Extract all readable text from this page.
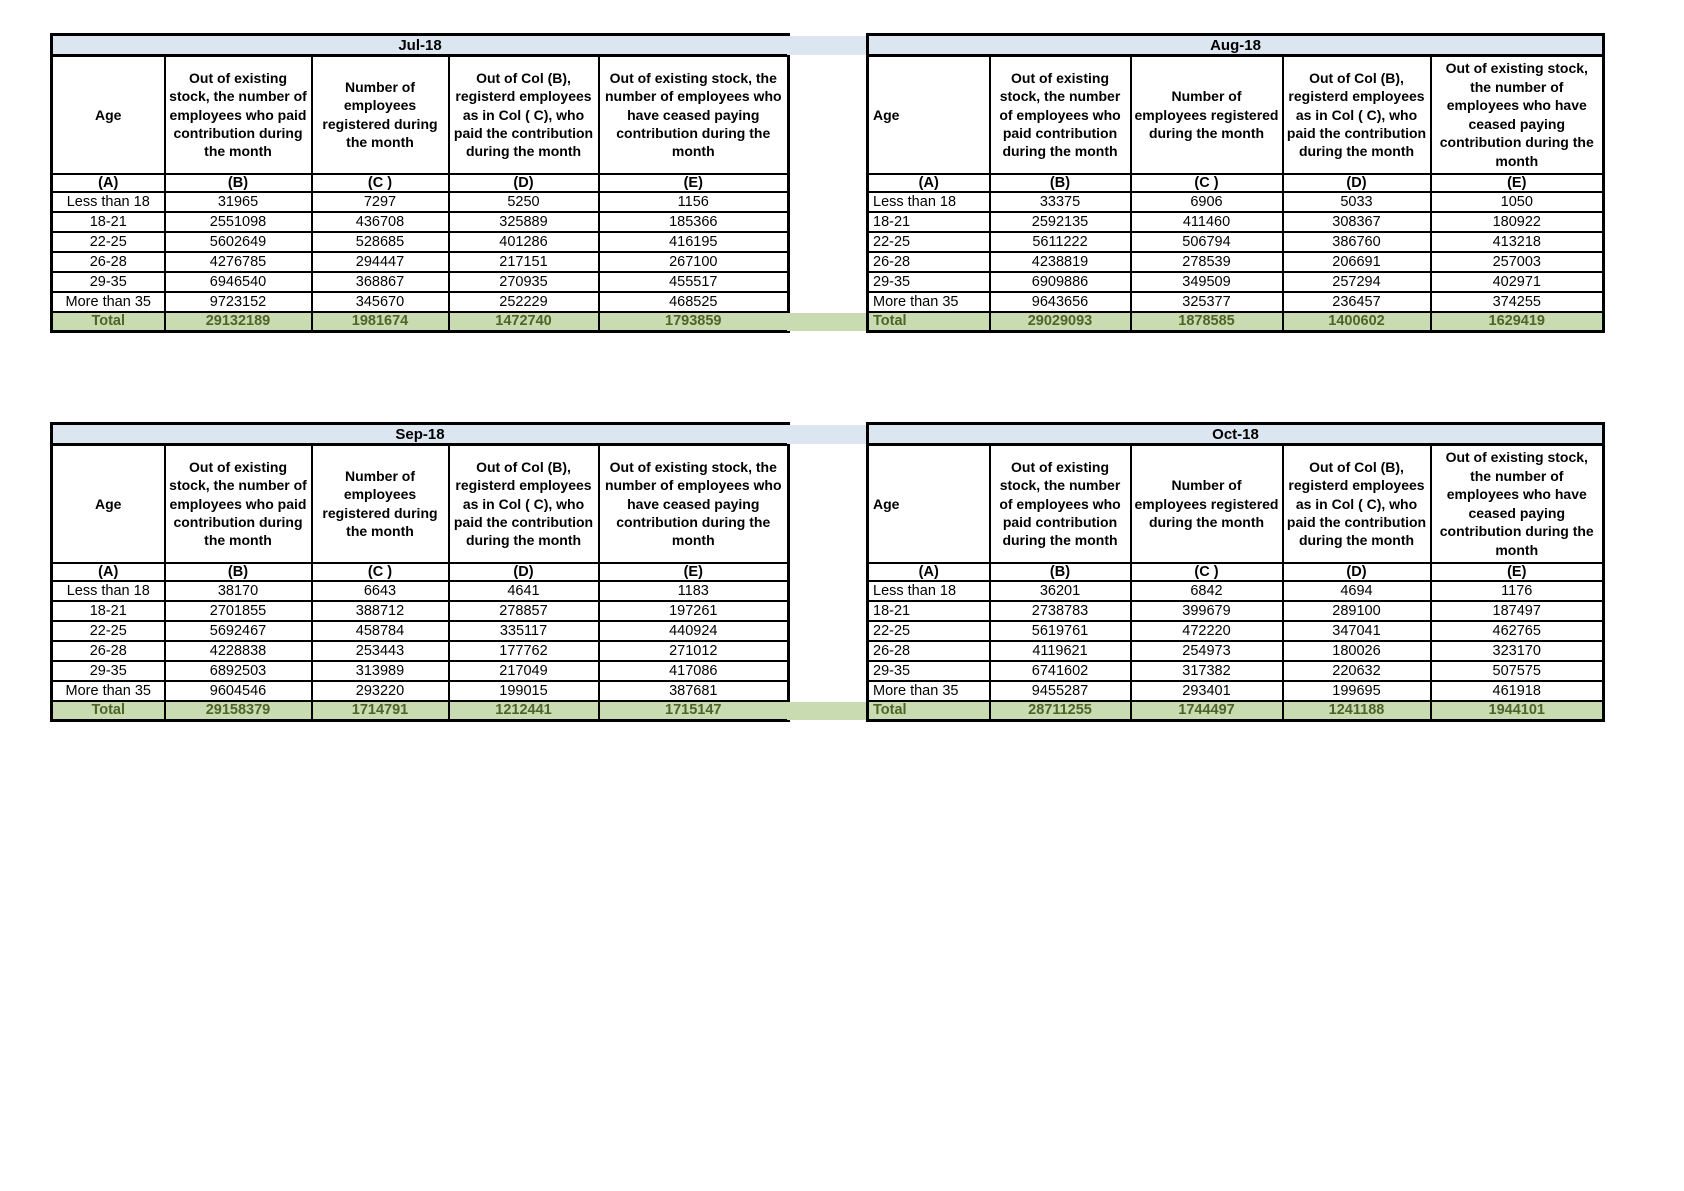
Jul-18				
Age	Out of existing stock, the number of employees who paid contribution during the month	Number of employees registered during the month	Out of Col (B), registerd employees as in Col ( C), who paid the contribution during the month	Out of existing stock, the number of employees who have ceased paying contribution during the month
(A)	(B)	(C )	(D)	(E)
Less than 18	31965	7297	5250	1156
18-21	2551098	436708	325889	185366
22-25	5602649	528685	401286	416195
26-28	4276785	294447	217151	267100
29-35	6946540	368867	270935	455517
More than 35	9723152	345670	252229	468525
Total	29132189	1981674	1472740	1793859
Aug-18				
Age	Out of existing stock, the number of employees who paid contribution during the month	Number of employees registered during the month	Out of Col (B), registerd employees as in Col ( C), who paid the contribution during the month	Out of existing stock, the number of employees who have ceased paying contribution during the month
(A)	(B)	(C )	(D)	(E)
Less than 18	33375	6906	5033	1050
18-21	2592135	411460	308367	180922
22-25	5611222	506794	386760	413218
26-28	4238819	278539	206691	257003
29-35	6909886	349509	257294	402971
More than 35	9643656	325377	236457	374255
Total	29029093	1878585	1400602	1629419
Sep-18				
Age	Out of existing stock, the number of employees who paid contribution during the month	Number of employees registered during the month	Out of Col (B), registerd employees as in Col ( C), who paid the contribution during the month	Out of existing stock, the number of employees who have ceased paying contribution during the month
(A)	(B)	(C )	(D)	(E)
Less than 18	38170	6643	4641	1183
18-21	2701855	388712	278857	197261
22-25	5692467	458784	335117	440924
26-28	4228838	253443	177762	271012
29-35	6892503	313989	217049	417086
More than 35	9604546	293220	199015	387681
Total	29158379	1714791	1212441	1715147
Oct-18				
Age	Out of existing stock, the number of employees who paid contribution during the month	Number of employees registered during the month	Out of Col (B), registerd employees as in Col ( C), who paid the contribution during the month	Out of existing stock, the number of employees who have ceased paying contribution during the month
(A)	(B)	(C )	(D)	(E)
Less than 18	36201	6842	4694	1176
18-21	2738783	399679	289100	187497
22-25	5619761	472220	347041	462765
26-28	4119621	254973	180026	323170
29-35	6741602	317382	220632	507575
More than 35	9455287	293401	199695	461918
Total	28711255	1744497	1241188	1944101
